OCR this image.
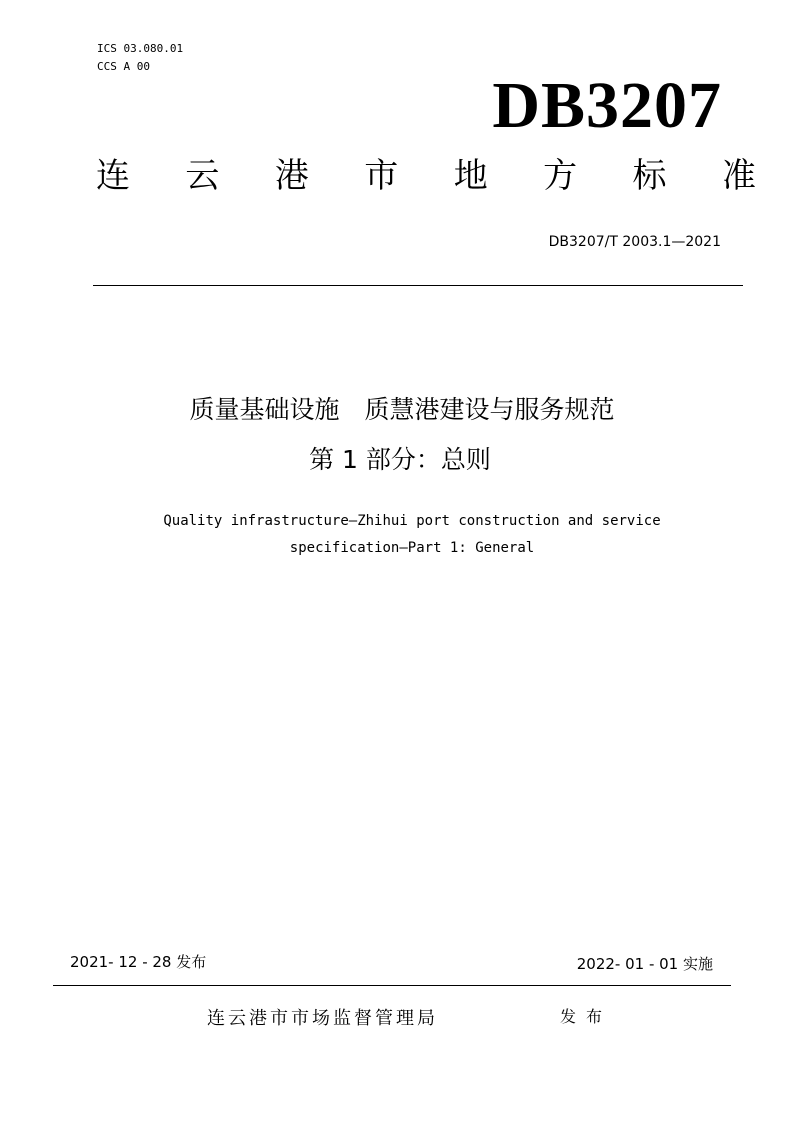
ICS 03.080.01
CCS A 00
DB3207
连 云 港 市 地 方 标 准
DB3207/T 2003.1—2021
质量基础设施　质慧港建设与服务规范
第 1 部分：总则
Quality infrastructure—Zhihui port construction and service
specification—Part 1: General
2021- 12 - 28 发布	2022- 01 - 01 实施
连云港市市场监督管理局	发布
